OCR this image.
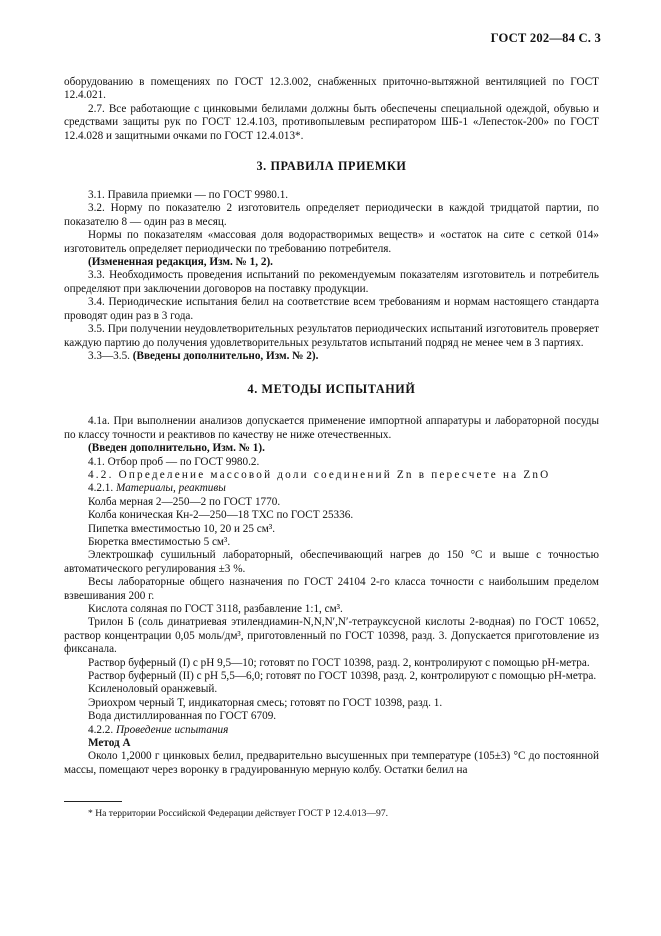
ГОСТ 202—84 С. 3

оборудованию в помещениях по ГОСТ 12.3.002, снабженных приточно-вытяжной вентиляцией по ГОСТ 12.4.021.

2.7. Все работающие с цинковыми белилами должны быть обеспечены специальной одеждой, обувью и средствами защиты рук по ГОСТ 12.4.103, противопылевым респиратором ШБ-1 «Лепесток-200» по ГОСТ 12.4.028 и защитными очками по ГОСТ 12.4.013*.

3. ПРАВИЛА ПРИЕМКИ

3.1. Правила приемки — по ГОСТ 9980.1.

3.2. Норму по показателю 2 изготовитель определяет периодически в каждой тридцатой партии, по показателю 8 — один раз в месяц.

Нормы по показателям «массовая доля водорастворимых веществ» и «остаток на сите с сеткой 014» изготовитель определяет периодически по требованию потребителя.

(Измененная редакция, Изм. № 1, 2).

3.3. Необходимость проведения испытаний по рекомендуемым показателям изготовитель и потребитель определяют при заключении договоров на поставку продукции.

3.4. Периодические испытания белил на соответствие всем требованиям и нормам настоящего стандарта проводят один раз в 3 года.

3.5. При получении неудовлетворительных результатов периодических испытаний изготовитель проверяет каждую партию до получения удовлетворительных результатов испытаний подряд не менее чем в 3 партиях.

3.3—3.5. (Введены дополнительно, Изм. № 2).

4. МЕТОДЫ ИСПЫТАНИЙ

4.1а. При выполнении анализов допускается применение импортной аппаратуры и лабораторной посуды по классу точности и реактивов по качеству не ниже отечественных.

(Введен дополнительно, Изм. № 1).

4.1. Отбор проб — по ГОСТ 9980.2.

4.2. Определение массовой доли соединений Zn в пересчете на ZnO

4.2.1. Материалы, реактивы

Колба мерная 2—250—2 по ГОСТ 1770.

Колба коническая Кн-2—250—18 ТХС по ГОСТ 25336.

Пипетка вместимостью 10, 20 и 25 см³.

Бюретка вместимостью 5 см³.

Электрошкаф сушильный лабораторный, обеспечивающий нагрев до 150 °С и выше с точностью автоматического регулирования ±3 %.

Весы лабораторные общего назначения по ГОСТ 24104 2-го класса точности с наибольшим пределом взвешивания 200 г.

Кислота соляная по ГОСТ 3118, разбавление 1:1, см³.

Трилон Б (соль динатриевая этилендиамин-N,N,N′,N′-тетрауксусной кислоты 2-водная) по ГОСТ 10652, раствор концентрации 0,05 моль/дм³, приготовленный по ГОСТ 10398, разд. 3. Допускается приготовление из фиксанала.

Раствор буферный (I) с рН 9,5—10; готовят по ГОСТ 10398, разд. 2, контролируют с помощью рН-метра.

Раствор буферный (II) с рН 5,5—6,0; готовят по ГОСТ 10398, разд. 2, контролируют с помощью рН-метра.

Ксиленоловый оранжевый.

Эриохром черный Т, индикаторная смесь; готовят по ГОСТ 10398, разд. 1.

Вода дистиллированная по ГОСТ 6709.

4.2.2. Проведение испытания

Метод А

Около 1,2000 г цинковых белил, предварительно высушенных при температуре (105±3) °С до постоянной массы, помещают через воронку в градуированную мерную колбу. Остатки белил на

* На территории Российской Федерации действует ГОСТ Р 12.4.013—97.
